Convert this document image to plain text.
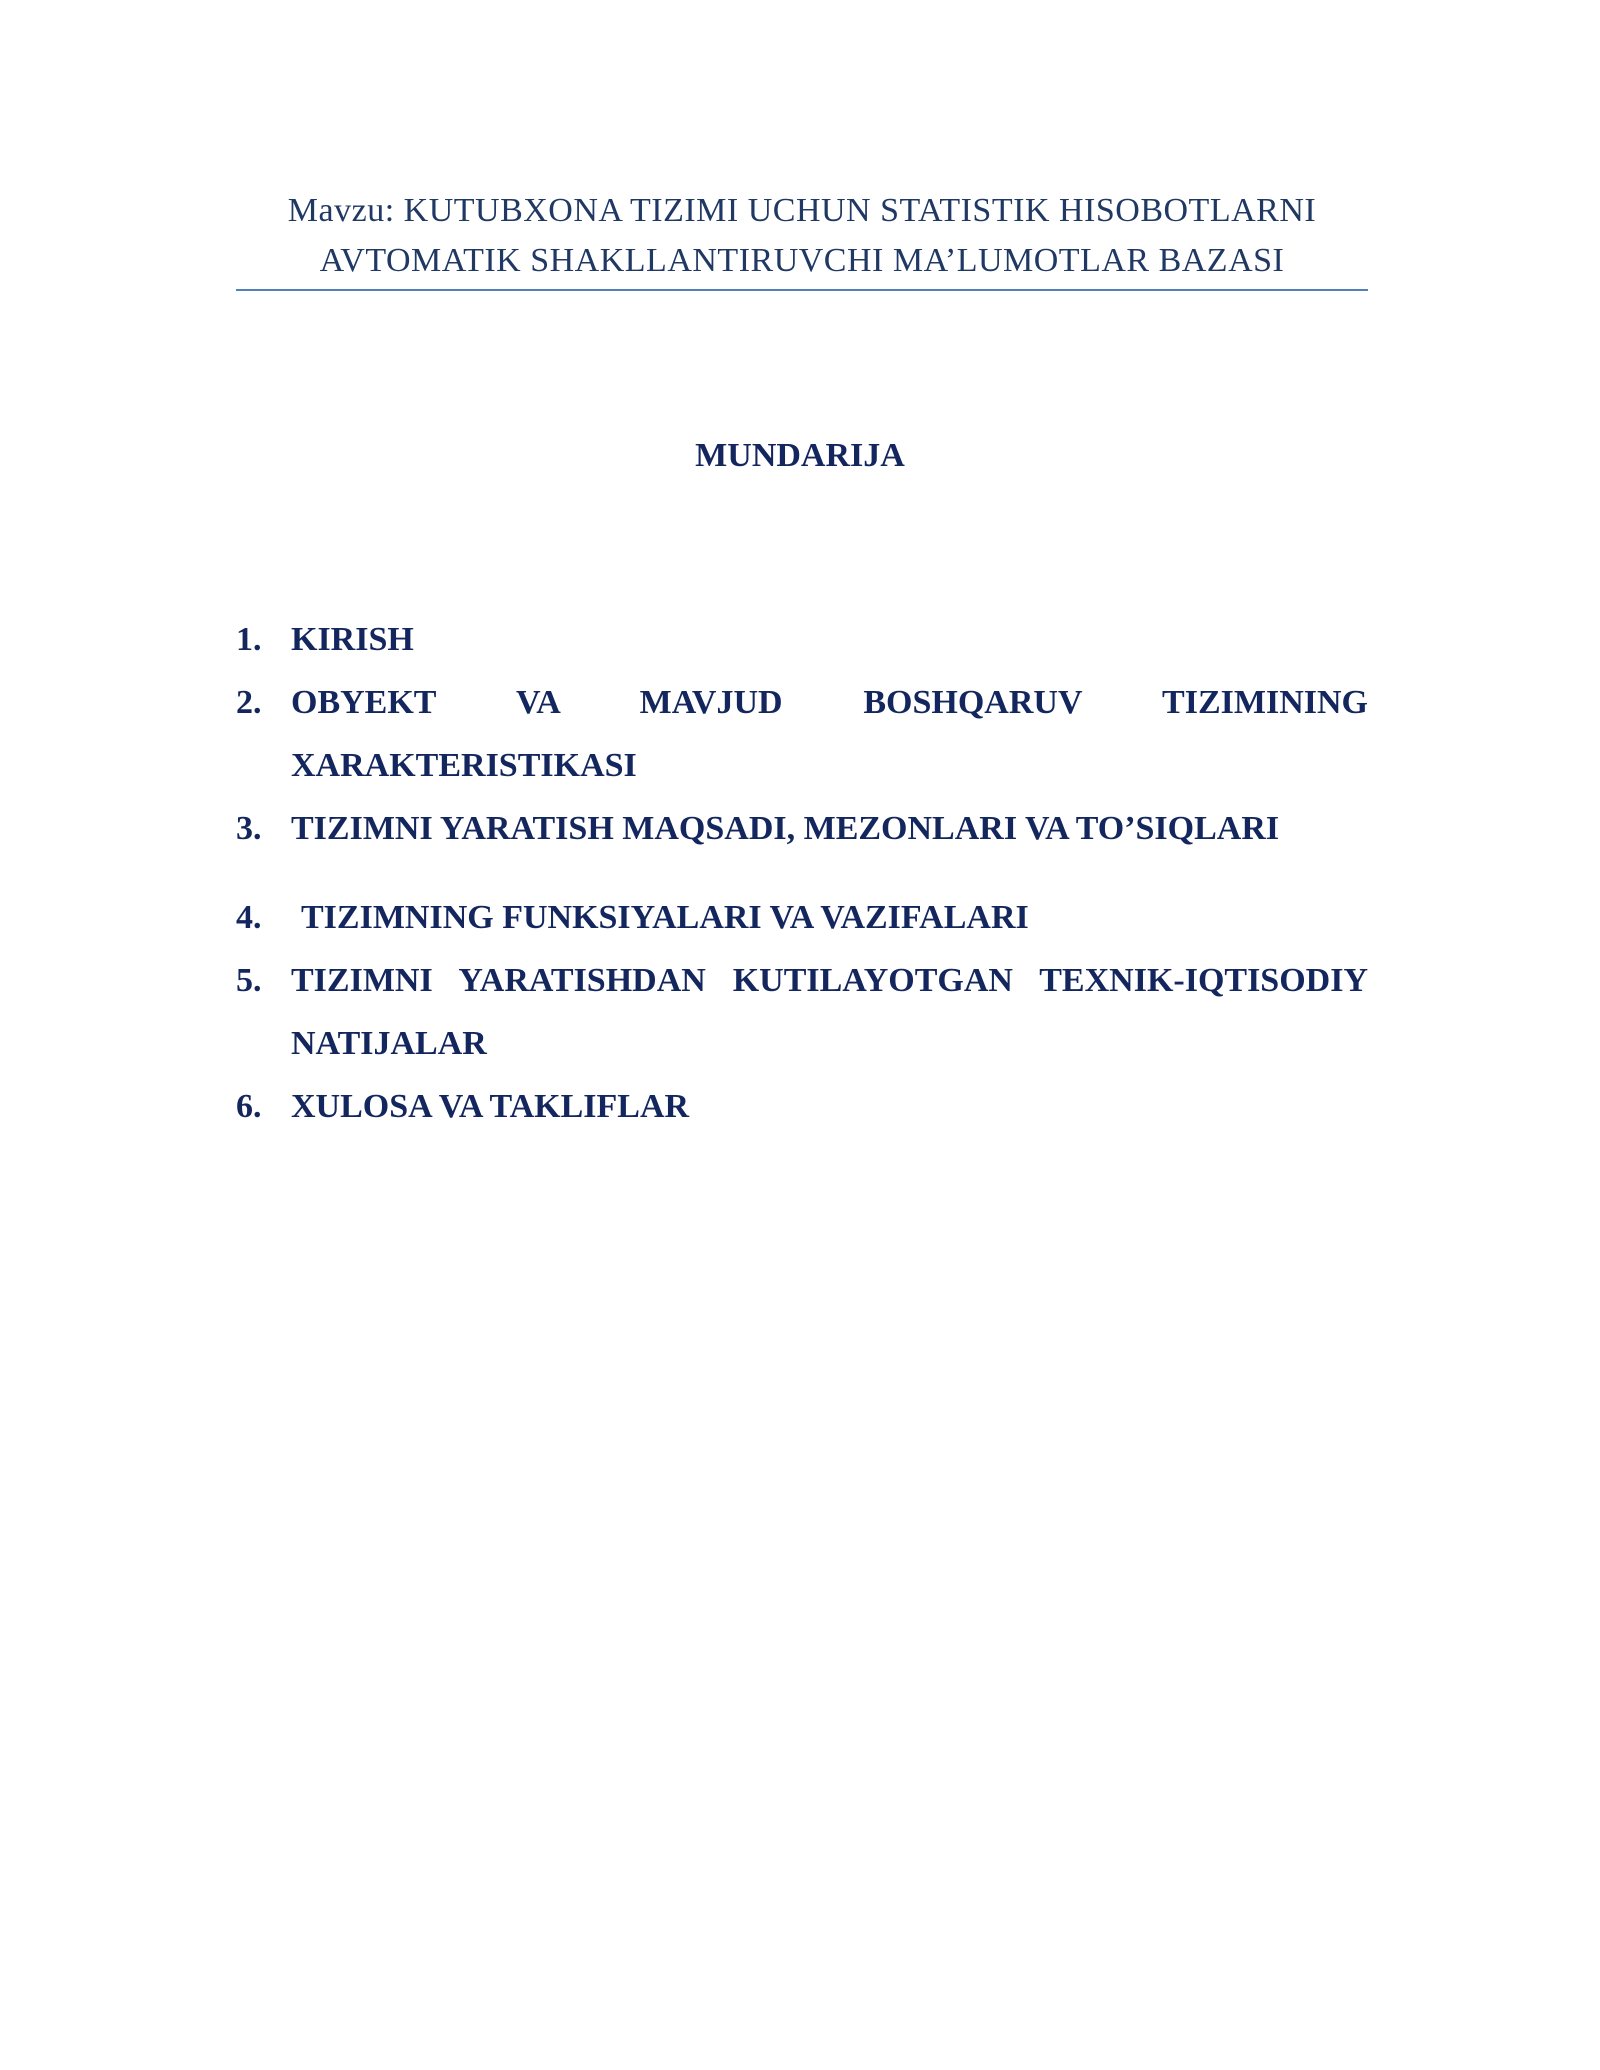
Mavzu: KUTUBXONA TIZIMI UCHUN STATISTIK HISOBOTLARNI
AVTOMATIK SHAKLLANTIRUVCHI MA’LUMOTLAR BAZASI
MUNDARIJA
1. KIRISH
2. OBYEKT VA MAVJUD BOSHQARUV TIZIMINING XARAKTERISTIKASI
3. TIZIMNI YARATISH MAQSADI, MEZONLARI VA TO’SIQLARI
4. TIZIMNING FUNKSIYALARI VA VAZIFALARI
5. TIZIMNI YARATISHDAN KUTILAYOTGAN TEXNIK-IQTISODIY NATIJALAR
6. XULOSA VA TAKLIFLAR
